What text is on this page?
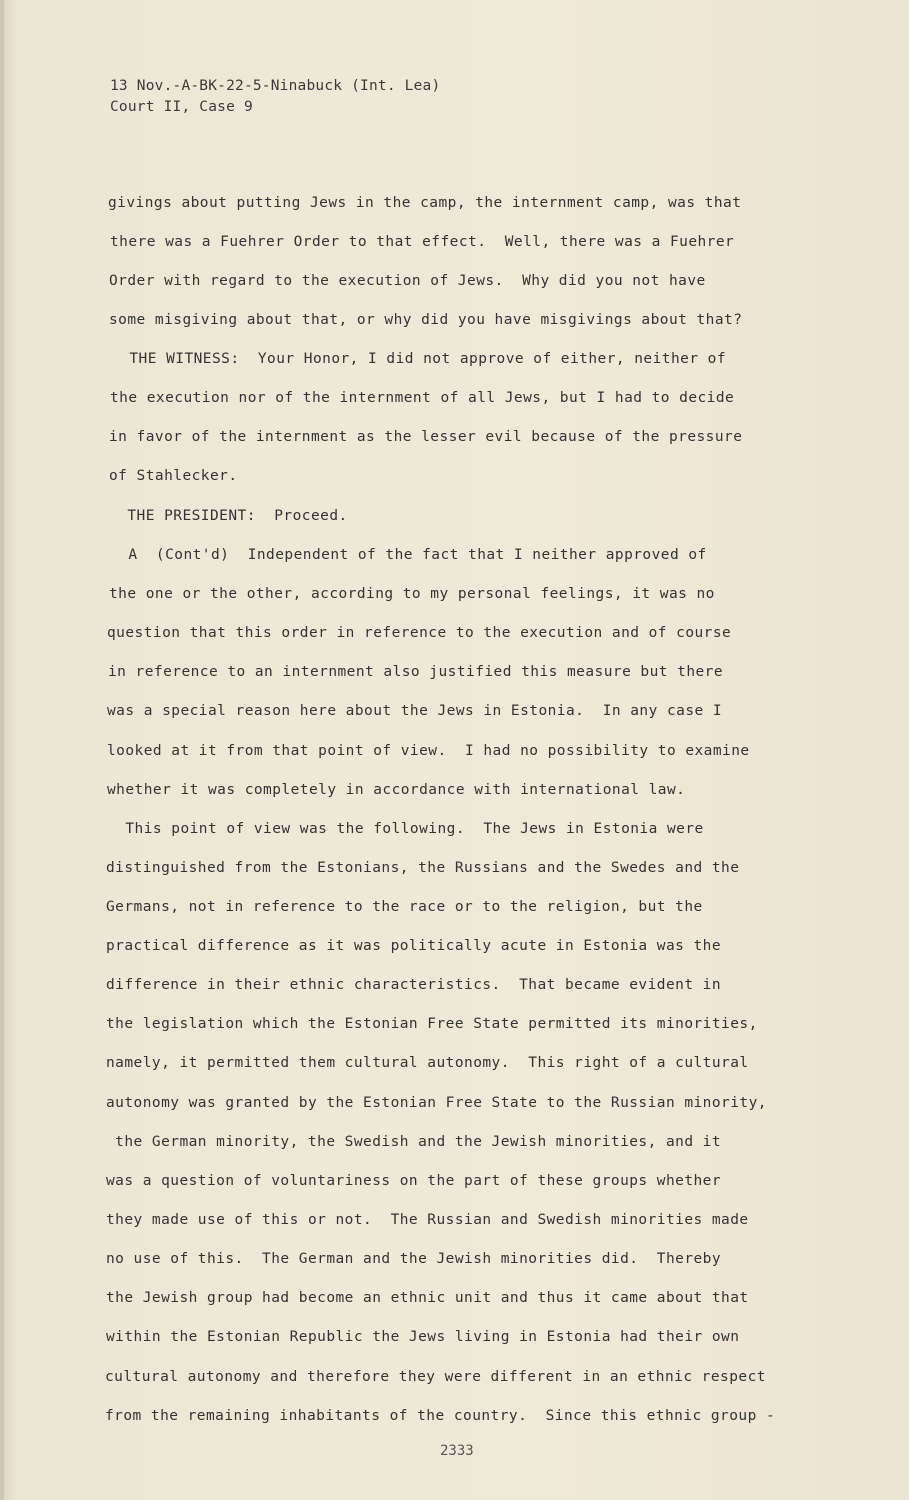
13 Nov.-A-BK-22-5-Ninabuck (Int. Lea)
Court II, Case 9
givings about putting Jews in the camp, the internment camp, was that
there was a Fuehrer Order to that effect.  Well, there was a Fuehrer
Order with regard to the execution of Jews.  Why did you not have
some misgiving about that, or why did you have misgivings about that?
THE WITNESS:  Your Honor, I did not approve of either, neither of
the execution nor of the internment of all Jews, but I had to decide
in favor of the internment as the lesser evil because of the pressure
of Stahlecker.
THE PRESIDENT:  Proceed.
A  (Cont'd)  Independent of the fact that I neither approved of
the one or the other, according to my personal feelings, it was no
question that this order in reference to the execution and of course
in reference to an internment also justified this measure but there
was a special reason here about the Jews in Estonia.  In any case I
looked at it from that point of view.  I had no possibility to examine
whether it was completely in accordance with international law.
This point of view was the following.  The Jews in Estonia were
distinguished from the Estonians, the Russians and the Swedes and the
Germans, not in reference to the race or to the religion, but the
practical difference as it was politically acute in Estonia was the
difference in their ethnic characteristics.  That became evident in
the legislation which the Estonian Free State permitted its minorities,
namely, it permitted them cultural autonomy.  This right of a cultural
autonomy was granted by the Estonian Free State to the Russian minority,
the German minority, the Swedish and the Jewish minorities, and it
was a question of voluntariness on the part of these groups whether
they made use of this or not.  The Russian and Swedish minorities made
no use of this.  The German and the Jewish minorities did.  Thereby
the Jewish group had become an ethnic unit and thus it came about that
within the Estonian Republic the Jews living in Estonia had their own
cultural autonomy and therefore they were different in an ethnic respect
from the remaining inhabitants of the country.  Since this ethnic group -
2333
